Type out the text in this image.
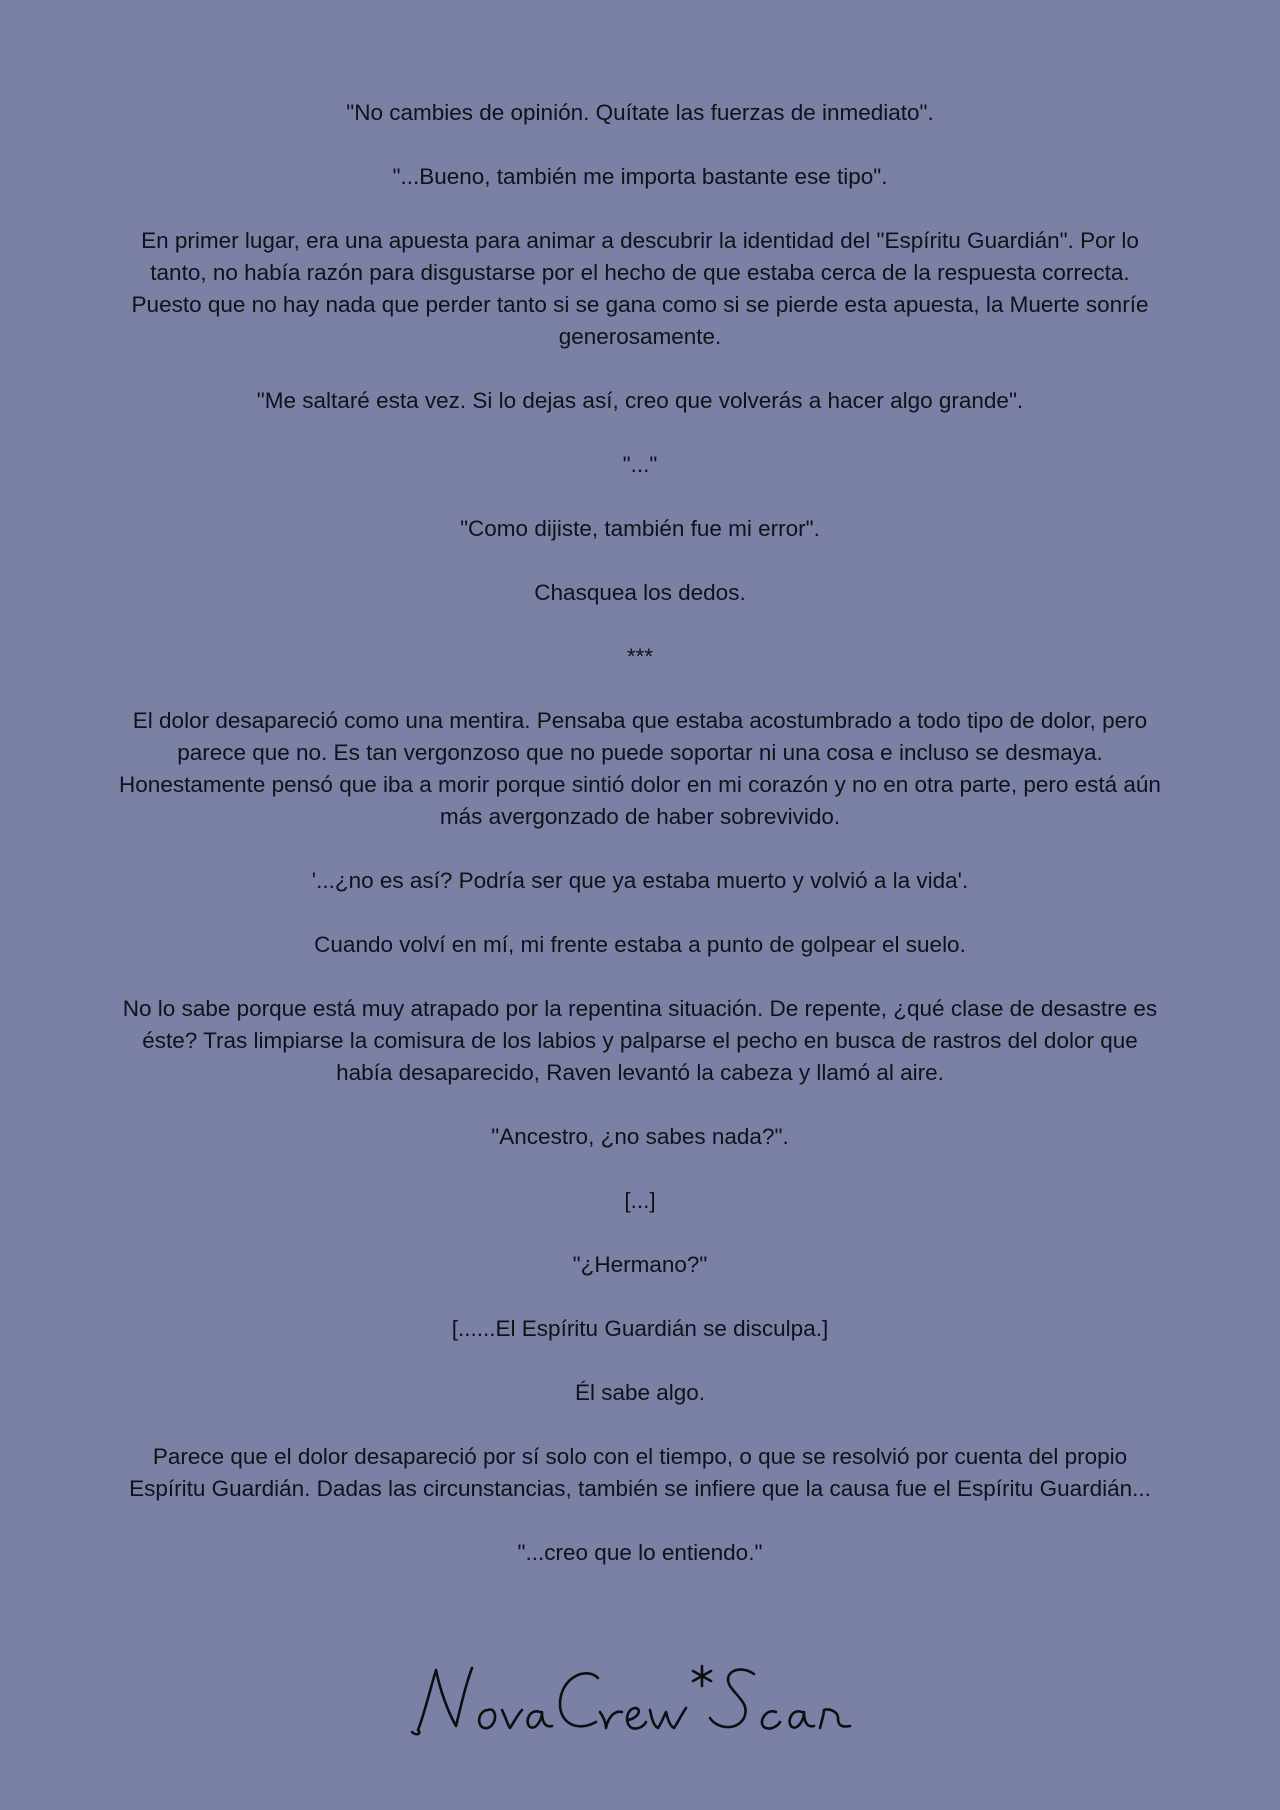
"No cambies de opinión. Quítate las fuerzas de inmediato".

"...Bueno, también me importa bastante ese tipo".

En primer lugar, era una apuesta para animar a descubrir la identidad del "Espíritu Guardián". Por lo tanto, no había razón para disgustarse por el hecho de que estaba cerca de la respuesta correcta. Puesto que no hay nada que perder tanto si se gana como si se pierde esta apuesta, la Muerte sonríe generosamente.

"Me saltaré esta vez. Si lo dejas así, creo que volverás a hacer algo grande".

"..."

"Como dijiste, también fue mi error".

Chasquea los dedos.

***

El dolor desapareció como una mentira. Pensaba que estaba acostumbrado a todo tipo de dolor, pero parece que no. Es tan vergonzoso que no puede soportar ni una cosa e incluso se desmaya. Honestamente pensó que iba a morir porque sintió dolor en mi corazón y no en otra parte, pero está aún más avergonzado de haber sobrevivido.

'...¿no es así? Podría ser que ya estaba muerto y volvió a la vida'.

Cuando volví en mí, mi frente estaba a punto de golpear el suelo.

No lo sabe porque está muy atrapado por la repentina situación. De repente, ¿qué clase de desastre es éste? Tras limpiarse la comisura de los labios y palparse el pecho en busca de rastros del dolor que había desaparecido, Raven levantó la cabeza y llamó al aire.

"Ancestro, ¿no sabes nada?".

[...]

"¿Hermano?"

[......El Espíritu Guardián se disculpa.]

Él sabe algo.

Parece que el dolor desapareció por sí solo con el tiempo, o que se resolvió por cuenta del propio Espíritu Guardián. Dadas las circunstancias, también se infiere que la causa fue el Espíritu Guardián...

"...creo que lo entiendo."
